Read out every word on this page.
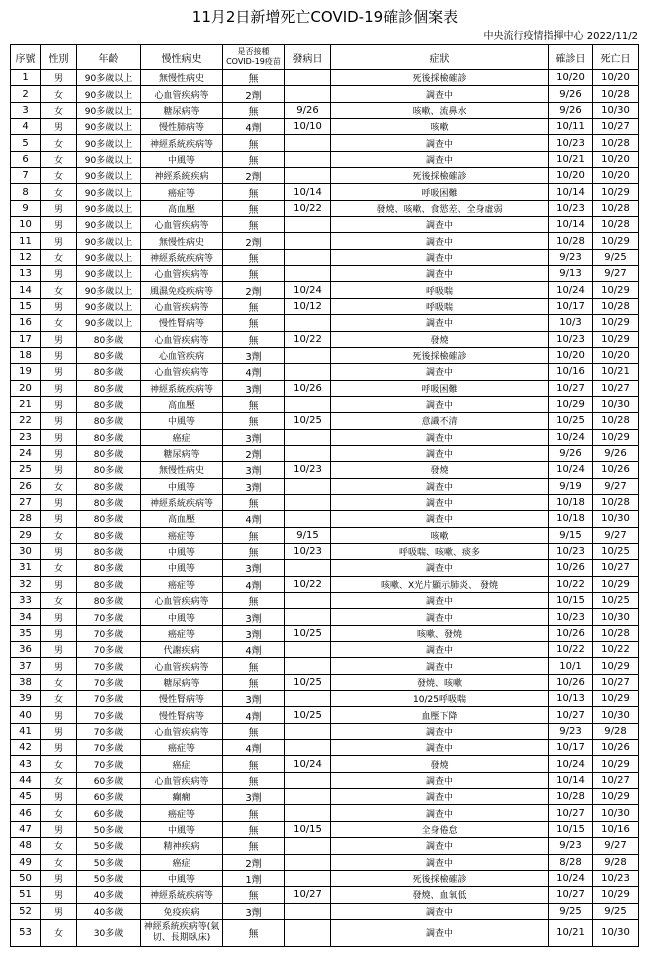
11月2日新增死亡COVID-19確診個案表
中央流行疫情指揮中心 2022/11/2
序號	性別	年齡	慢性病史	是否接種
COVID-19疫苗	發病日	症狀	確診日	死亡日
1	男	90多歲以上	無慢性病史	無		死後採檢確診	10/20	10/20
2	女	90多歲以上	心血管疾病等	2劑		調查中	9/26	10/28
3	女	90多歲以上	糖尿病等	無	9/26	咳嗽、流鼻水	9/26	10/30
4	男	90多歲以上	慢性肺病等	4劑	10/10	咳嗽	10/11	10/27
5	女	90多歲以上	神經系統疾病等	無		調查中	10/23	10/28
6	女	90多歲以上	中風等	無		調查中	10/21	10/20
7	女	90多歲以上	神經系統疾病	2劑		死後採檢確診	10/20	10/20
8	女	90多歲以上	癌症等	無	10/14	呼吸困難	10/14	10/29
9	男	90多歲以上	高血壓	無	10/22	發燒、咳嗽、食慾差、全身虛弱	10/23	10/28
10	男	90多歲以上	心血管疾病等	無		調查中	10/14	10/28
11	男	90多歲以上	無慢性病史	2劑		調查中	10/28	10/29
12	女	90多歲以上	神經系統疾病等	無		調查中	9/23	9/25
13	男	90多歲以上	心血管疾病等	無		調查中	9/13	9/27
14	女	90多歲以上	風濕免疫疾病等	2劑	10/24	呼吸喘	10/24	10/29
15	男	90多歲以上	心血管疾病等	無	10/12	呼吸喘	10/17	10/28
16	女	90多歲以上	慢性腎病等	無		調查中	10/3	10/29
17	男	80多歲	心血管疾病等	無	10/22	發燒	10/23	10/29
18	男	80多歲	心血管疾病	3劑		死後採檢確診	10/20	10/20
19	男	80多歲	心血管疾病等	4劑		調查中	10/16	10/21
20	男	80多歲	神經系統疾病等	3劑	10/26	呼吸困難	10/27	10/27
21	男	80多歲	高血壓	無		調查中	10/29	10/30
22	男	80多歲	中風等	無	10/25	意識不清	10/25	10/28
23	男	80多歲	癌症	3劑		調查中	10/24	10/29
24	男	80多歲	糖尿病等	2劑		調查中	9/26	9/26
25	男	80多歲	無慢性病史	3劑	10/23	發燒	10/24	10/26
26	女	80多歲	中風等	3劑		調查中	9/19	9/27
27	男	80多歲	神經系統疾病等	無		調查中	10/18	10/28
28	男	80多歲	高血壓	4劑		調查中	10/18	10/30
29	女	80多歲	癌症等	無	9/15	咳嗽	9/15	9/27
30	男	80多歲	中風等	無	10/23	呼吸喘、咳嗽、痰多	10/23	10/25
31	女	80多歲	中風等	3劑		調查中	10/26	10/27
32	男	80多歲	癌症等	4劑	10/22	咳嗽、X光片顯示肺炎、 發燒	10/22	10/29
33	女	80多歲	心血管疾病等	無		調查中	10/15	10/25
34	男	70多歲	中風等	3劑		調查中	10/23	10/30
35	男	70多歲	癌症等	3劑	10/25	咳嗽、發燒	10/26	10/28
36	男	70多歲	代謝疾病	4劑		調查中	10/22	10/22
37	男	70多歲	心血管疾病等	無		調查中	10/1	10/29
38	女	70多歲	糖尿病等	無	10/25	發燒、咳嗽	10/26	10/27
39	女	70多歲	慢性腎病等	3劑		10/25呼吸喘	10/13	10/29
40	男	70多歲	慢性腎病等	4劑	10/25	血壓下降	10/27	10/30
41	男	70多歲	心血管疾病等	無		調查中	9/23	9/28
42	男	70多歲	癌症等	4劑		調查中	10/17	10/26
43	女	70多歲	癌症	無	10/24	發燒	10/24	10/29
44	女	60多歲	心血管疾病等	無		調查中	10/14	10/27
45	男	60多歲	癲癇	3劑		調查中	10/28	10/29
46	女	60多歲	癌症等	無		調查中	10/27	10/30
47	男	50多歲	中風等	無	10/15	全身倦怠	10/15	10/16
48	女	50多歲	精神疾病	無		調查中	9/23	9/27
49	女	50多歲	癌症	2劑		調查中	8/28	9/28
50	男	50多歲	中風等	1劑		死後採檢確診	10/24	10/23
51	男	40多歲	神經系統疾病等	無	10/27	發燒、血氧低	10/27	10/29
52	男	40多歲	免疫疾病	3劑		調查中	9/25	9/25
53	女	30多歲	神經系統疾病等(氣切、長期臥床)	無		調查中	10/21	10/30
